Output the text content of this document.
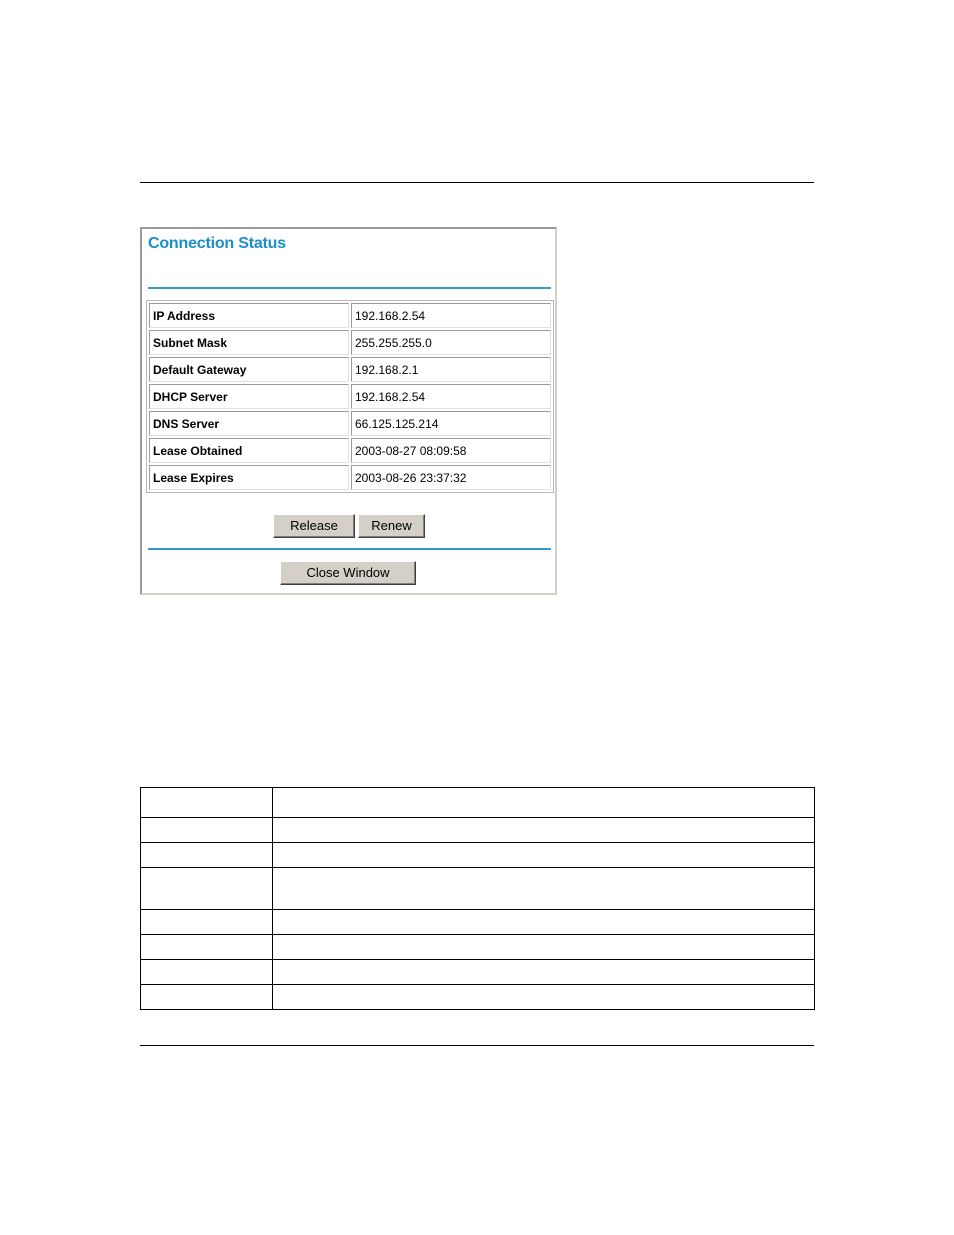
Connection Status
IP Address	192.168.2.54
Subnet Mask	255.255.255.0
Default Gateway	192.168.2.1
DHCP Server	192.168.2.54
DNS Server	66.125.125.214
Lease Obtained	2003-08-27 08:09:58
Lease Expires	2003-08-26 23:37:32
Release	Renew
Close Window
